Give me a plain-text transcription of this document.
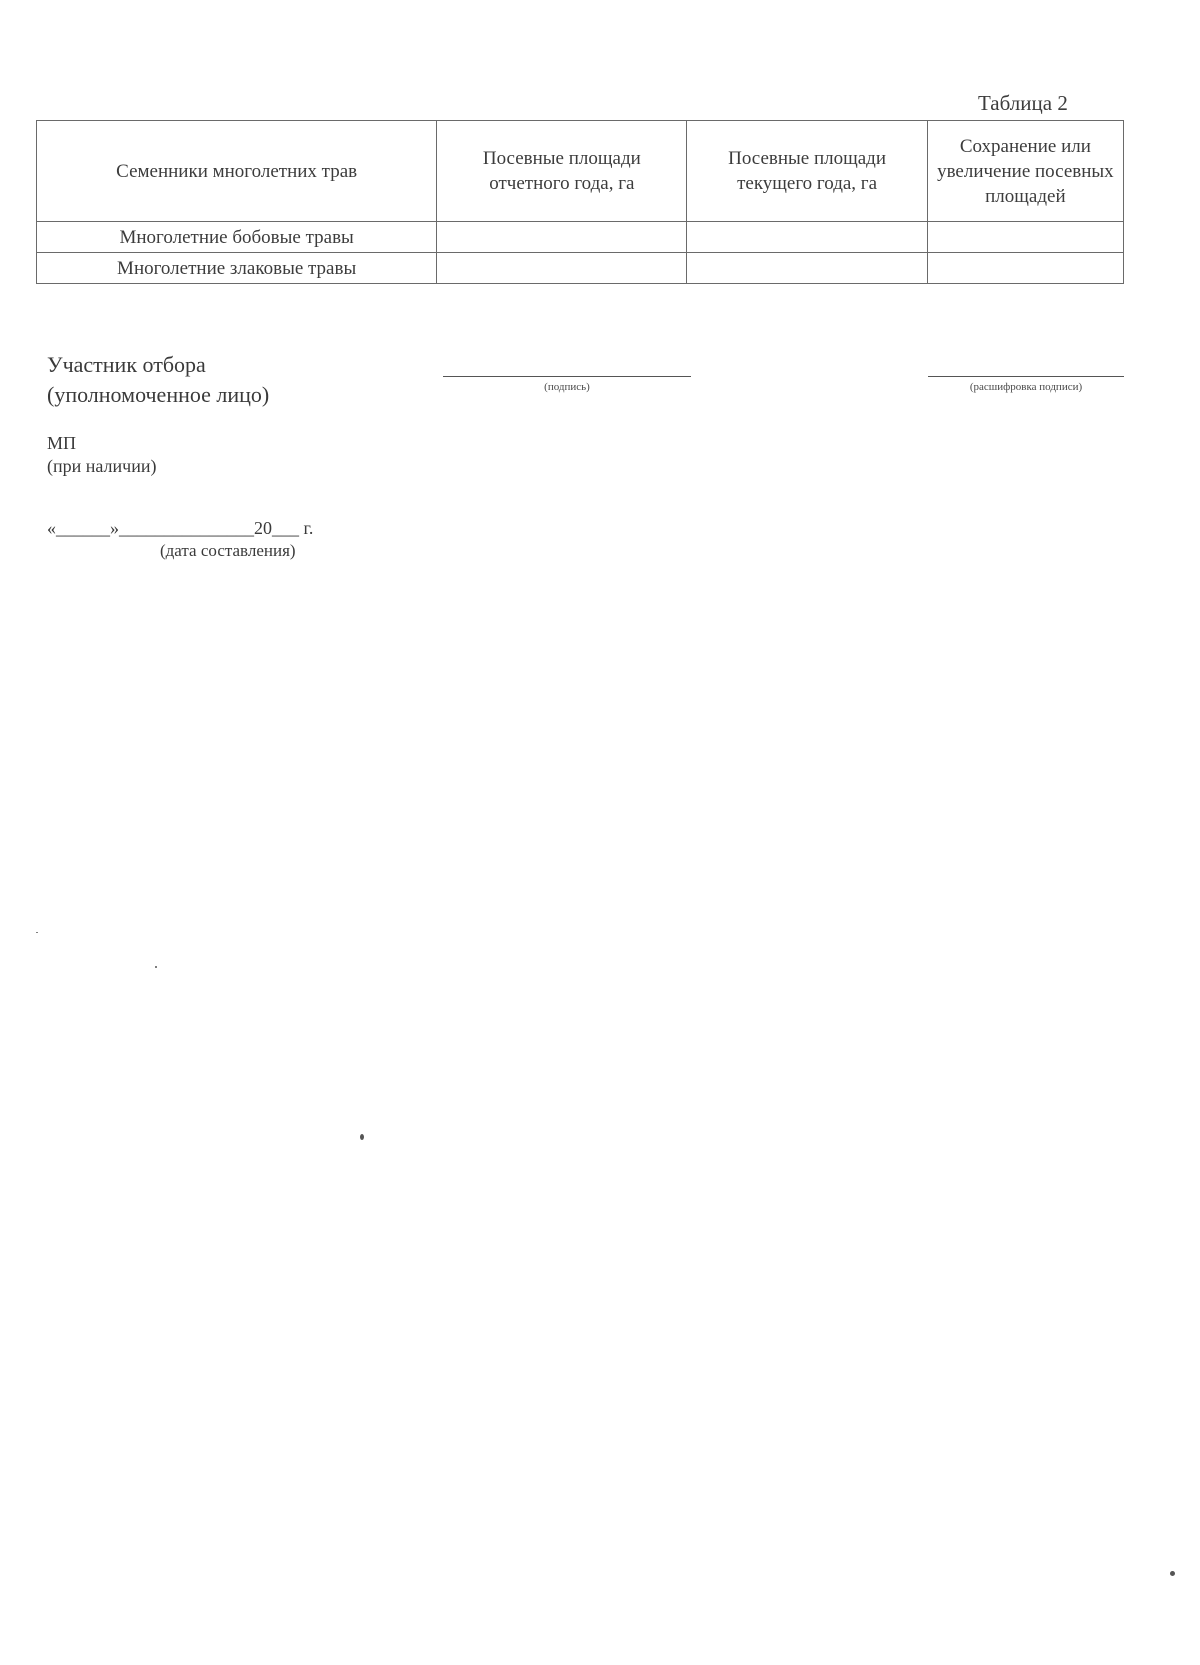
Таблица 2
Семенники многолетних трав	Посевные площади отчетного года, га	Посевные площади текущего года, га	Сохранение или увеличение посевных площадей
Многолетние бобовые травы			
Многолетние злаковые травы			
Участник отбора
(уполномоченное лицо)	(подпись)	(расшифровка подписи)
МП
(при наличии)
«______»_______________20___ г.
(дата составления)
